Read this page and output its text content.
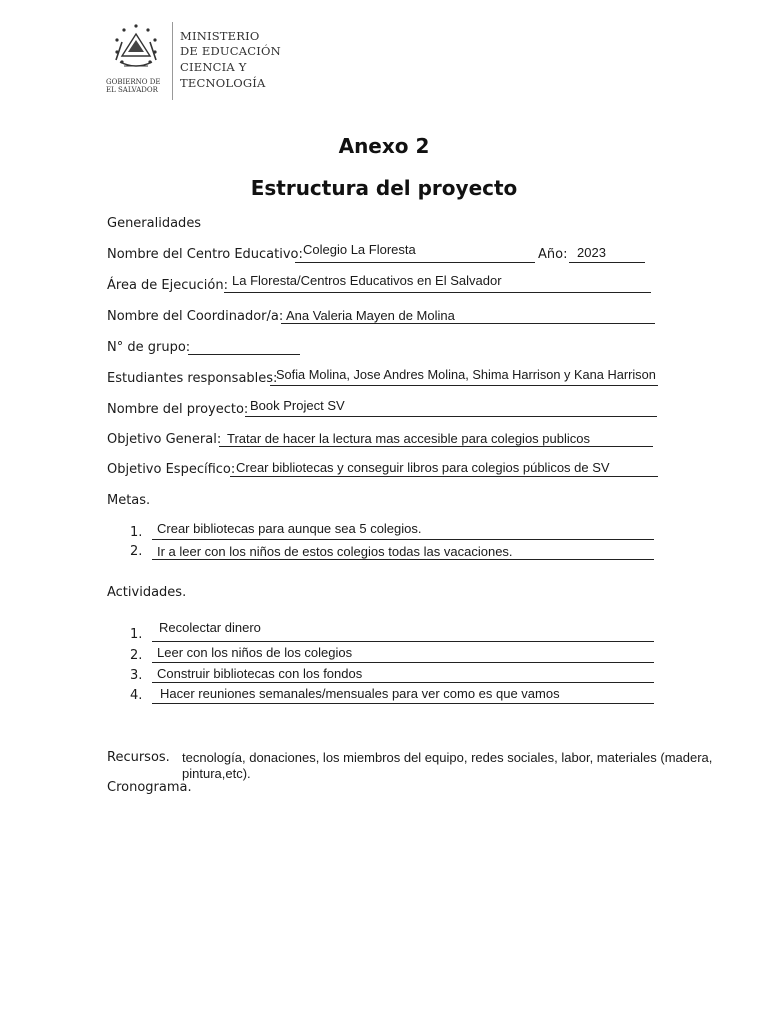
GOBIERNO DE
EL SALVADOR
MINISTERIO
DE EDUCACIÓN
CIENCIA Y
TECNOLOGÍA
Anexo 2
Estructura del proyecto
Generalidades
Nombre del Centro Educativo: Colegio La Floresta	Año: 2023
Área de Ejecución: La Floresta/Centros Educativos en El Salvador
Nombre del Coordinador/a: Ana Valeria Mayen de Molina
N° de grupo:
Estudiantes responsables:
Sofia Molina, Jose Andres Molina, Shima Harrison y Kana Harrison
Nombre del proyecto: Book Project SV
Objetivo General: Tratar de hacer la lectura mas accesible para colegios publicos
Objetivo Específico: Crear bibliotecas y conseguir libros para colegios públicos de SV
Metas.
1. Crear bibliotecas para aunque sea 5 colegios.
2. Ir a leer con los niños de estos colegios todas las vacaciones.
Actividades.
1. Recolectar dinero
2. Leer con los niños de los colegios
3. Construir bibliotecas con los fondos
4. Hacer reuniones semanales/mensuales para ver como es que vamos
Recursos. tecnología, donaciones, los miembros del equipo, redes sociales, labor, materiales (madera,
pintura,etc).
Cronograma.
